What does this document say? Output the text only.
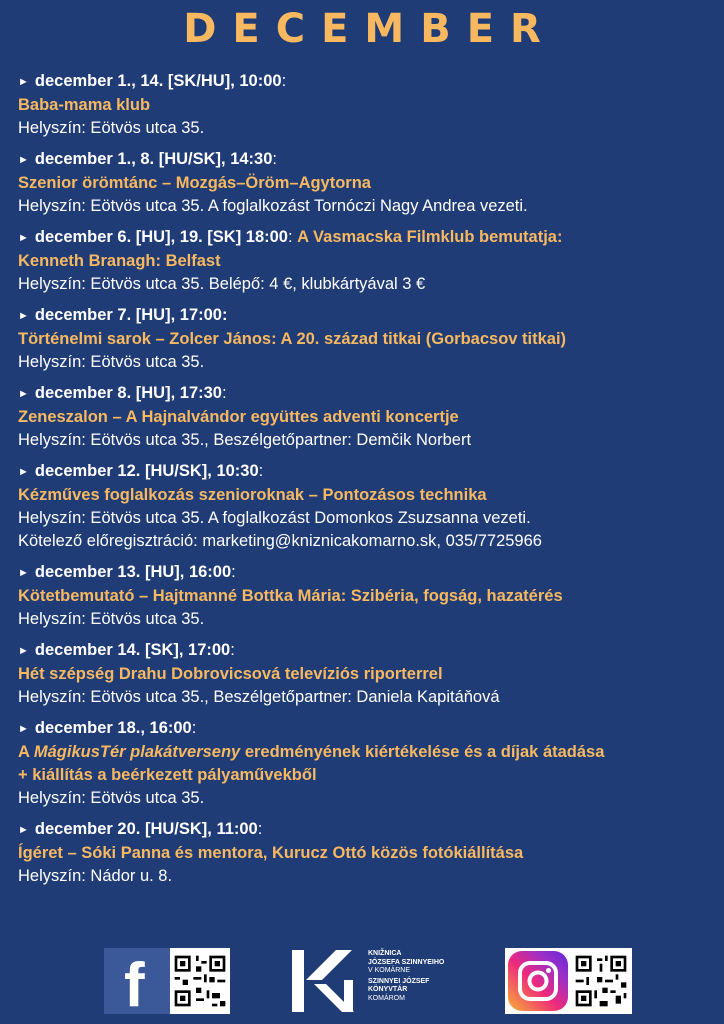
DECEMBER
► december 1., 14. [SK/HU], 10:00:
Baba-mama klub
Helyszín: Eötvös utca 35.
► december 1., 8. [HU/SK], 14:30:
Szenior örömtánc – Mozgás–Öröm–Agytorna
Helyszín: Eötvös utca 35. A foglalkozást Tornóczi Nagy Andrea vezeti.
► december 6. [HU], 19. [SK] 18:00: A Vasmacska Filmklub bemutatja:
Kenneth Branagh: Belfast
Helyszín: Eötvös utca 35. Belépő: 4 €, klubkártyával 3 €
► december 7. [HU], 17:00:
Történelmi sarok – Zolcer János: A 20. század titkai (Gorbacsov titkai)
Helyszín: Eötvös utca 35.
► december 8. [HU], 17:30:
Zeneszalon – A Hajnalvándor együttes adventi koncertje
Helyszín: Eötvös utca 35., Beszélgetőpartner: Demčik Norbert
► december 12. [HU/SK], 10:30:
Kézműves foglalkozás szenioroknak – Pontozásos technika
Helyszín: Eötvös utca 35. A foglalkozást Domonkos Zsuzsanna vezeti.
Kötelező előregisztráció: marketing@kniznicakomarno.sk, 035/7725966
► december 13. [HU], 16:00:
Kötetbemutató – Hajtmanné Bottka Mária: Szibéria, fogság, hazatérés
Helyszín: Eötvös utca 35.
► december 14. [SK], 17:00:
Hét szépség Drahu Dobrovicsová televíziós riporterrel
Helyszín: Eötvös utca 35., Beszélgetőpartner: Daniela Kapitáňová
► december 18., 16:00:
A MágikusTér plakátverseny eredményének kiértékelése és a díjak átadása
+ kiállítás a beérkezett pályaművekből
Helyszín: Eötvös utca 35.
► december 20. [HU/SK], 11:00:
Ígéret – Sóki Panna és mentora, Kurucz Ottó közös fotókiállítása
Helyszín: Nádor u. 8.
f	KNIŽNICA
JÓZSEFA SZINNYEIHO
V KOMÁRNE
SZINNYEI JÓZSEF
KÖNYVTÁR
KOMÁROM
